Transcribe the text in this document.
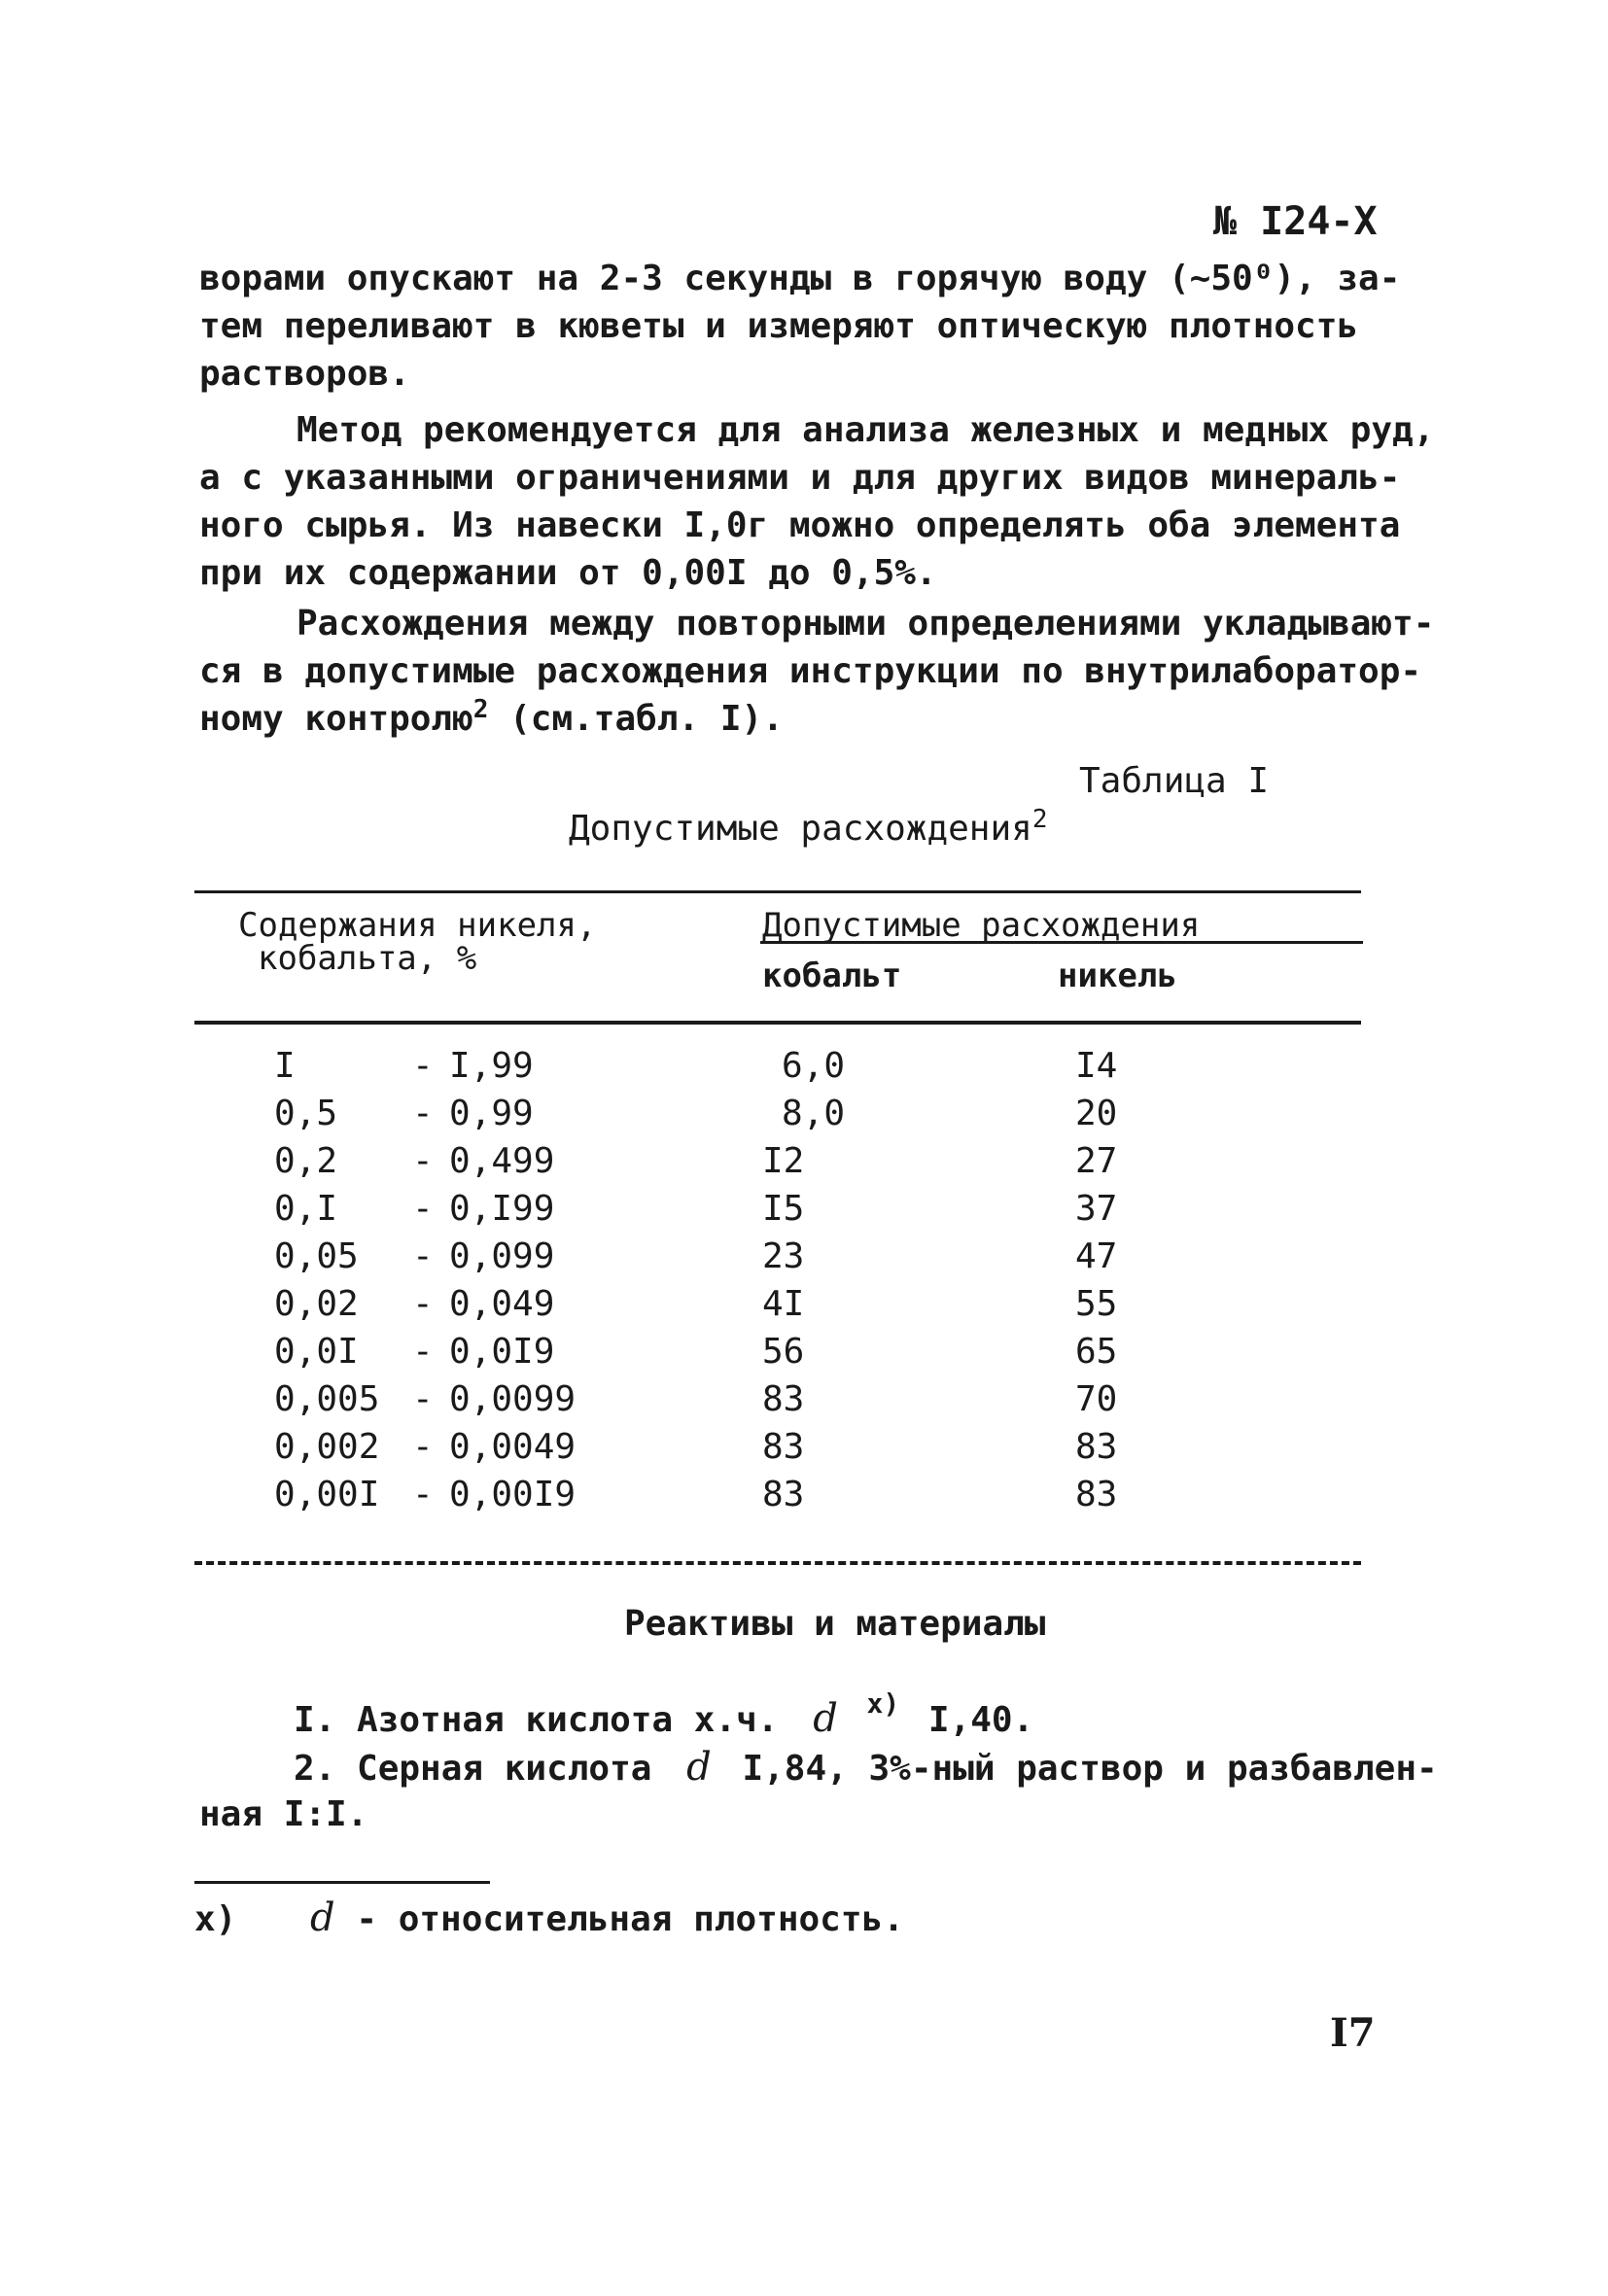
№ I24-X
ворами опускают на 2-3 секунды в горячую воду (~50⁰), за-
тем переливают в кюветы и измеряют оптическую плотность
растворов.
Метод рекомендуется для анализа железных и медных руд,
а с указанными ограничениями и для других видов минераль-
ного сырья. Из навески I,0г можно определять оба элемента
при их содержании от 0,00I до 0,5%.
Расхождения между повторными определениями укладывают-
ся в допустимые расхождения инструкции по внутрилаборатор-
ному контролю$^2$ (см.табл. I).
Таблица I
Допустимые расхождения$^2$
Содержания никеля,
кобальта, %
Допустимые расхождения
кобальт	никель
I	- I,99	6,0	I4
0,5 - 0,99	8,0	20
0,2 - 0,499	I2	27
0,I - 0,I99	I5	37
0,05 - 0,099	23	47
0,02 - 0,049	4I	55
0,0I - 0,0I9	56	65
0,005 - 0,0099	83	70
0,002 - 0,0049	83	83
0,00I - 0,00I9	83	83
Реактивы и материалы
I. Азотная кислота х.ч. d $^{х)}$ I,40.
2. Серная кислота d I,84, 3%-ный раствор и разбавлен-
ная I:I.
х) d - относительная плотность.
I7
